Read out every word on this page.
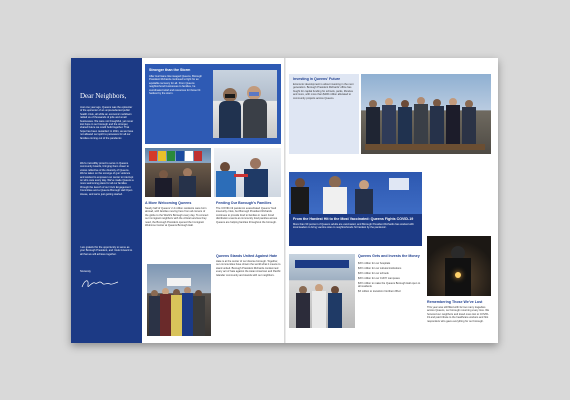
Dear Neighbors,
Just one year ago, Queens was the epicenter of the epicenter of an unprecedented public health crisis, all while an economic meltdown rattled us of thousands of jobs and small businesses. We were not thoughtful, yet never lost hope in our borough and the stronger, shared future we could build together. That hope has been rewarded: in 2021, as we have not allowed our spirit to persevere for all our families coming out of the pandemic.
We're incredibly proud to serve in Queens community boards, bringing them closer to voices reflective of the diversity of Queens. We've taken on the scourge of gun violence and worked to empower our center to interrupt on who care every day. We've made Queens a more welcoming place for all our families through the launch of our Civic Engagement Committee and a Queens Borough Hall Open House, and we're just getting started.
I am grateful for the opportunity to serve as your Borough President, and I look forward to all that we will achieve together.
Sincerely,
Stronger than the Storm
After Hurricane Ida ravaged Queens, Borough President Richards continued to fight for an equitable recovery for all. From Queens neighborhood businesses to families, he coordinated relief and resources for those hit hardest by the storm.
A More Welcoming Queens
Nearly half of Queens' 2.4 million residents were born abroad, with families moving here from all corners of the globe to the World's Borough every day. To connect our immigrant neighbors with the critical services they need, the Borough President opened the Immigrant Welcome Center at Queens Borough Hall.
Feeding Our Borough's Families
The COVID-19 pandemic exacerbated Queens' food insecurity crisis, but Borough President Richards continues to provide food to families in need. Food distribution events at community food pantries across Queens are helping families throughout the borough.
Queens Stands United Against Hate
Hate is at the center of our diverse borough. Together, our communities have shown the world what it means to stand united. Borough President Richards condemned every act of hate against the Asian American and Pacific Islander community and stands with our neighbors.
Investing in Queens' Future
Economic development is about investing in the next generation. Borough President Richards' office has fought for capital funding for schools, parks, libraries and more, with more than $200 million allocated to community projects across Queens.
From the Hardest Hit to the Most Vaccinated: Queens Fights COVID-19
More than 90 percent of Queens adults are vaccinated, and Borough President Richards has worked with local leaders to bring vaccine sites to neighborhoods hit hardest by the pandemic.
Queens Gets and Invests the Money
$XX million for our hospitals
$XX million for our cultural institutions
$XX million for our schools
$XX million for our CUNY campuses
$XX million to make the Queens Borough Hall open to all residents
$X million to transform Northern Blvd
Remembering Those We've Lost
This year was still filled with far too many tragedies across Queens, our borough mourning every loss. We honored our neighbors and loved ones lost to COVID-19 and paid tribute to the healthcare workers and first responders who gave everything for our borough.
